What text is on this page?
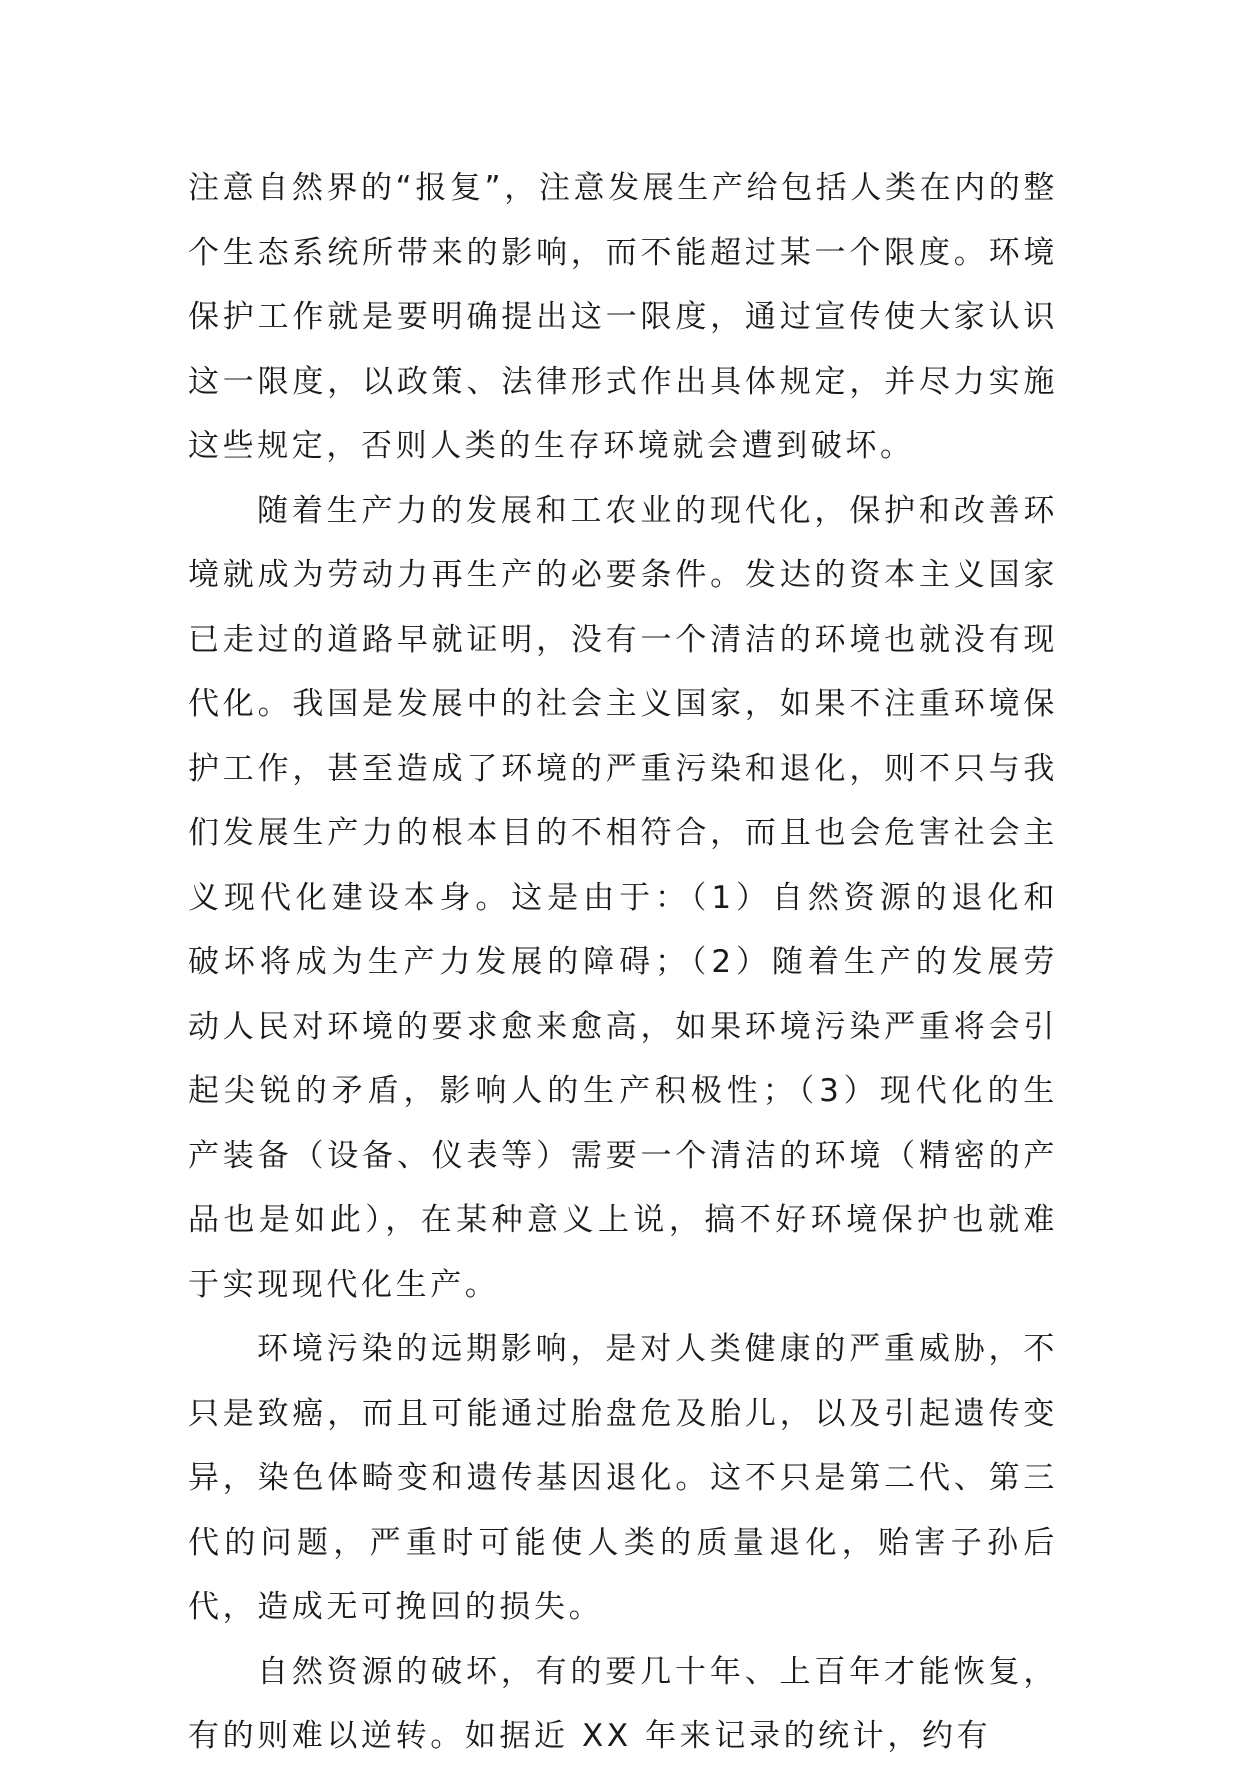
注意自然界的“报复”，注意发展生产给包括人类在内的整个生态系统所带来的影响，而不能超过某一个限度。环境保护工作就是要明确提出这一限度，通过宣传使大家认识这一限度，以政策、法律形式作出具体规定，并尽力实施这些规定，否则人类的生存环境就会遭到破坏。

随着生产力的发展和工农业的现代化，保护和改善环境就成为劳动力再生产的必要条件。发达的资本主义国家已走过的道路早就证明，没有一个清洁的环境也就没有现代化。我国是发展中的社会主义国家，如果不注重环境保护工作，甚至造成了环境的严重污染和退化，则不只与我们发展生产力的根本目的不相符合，而且也会危害社会主义现代化建设本身。这是由于：（1）自然资源的退化和破坏将成为生产力发展的障碍；（2）随着生产的发展劳动人民对环境的要求愈来愈高，如果环境污染严重将会引起尖锐的矛盾，影响人的生产积极性；（3）现代化的生产装备（设备、仪表等）需要一个清洁的环境（精密的产品也是如此），在某种意义上说，搞不好环境保护也就难于实现现代化生产。

环境污染的远期影响，是对人类健康的严重威胁，不只是致癌，而且可能通过胎盘危及胎儿，以及引起遗传变异，染色体畸变和遗传基因退化。这不只是第二代、第三代的问题，严重时可能使人类的质量退化，贻害子孙后代，造成无可挽回的损失。

自然资源的破坏，有的要几十年、上百年才能恢复，有的则难以逆转。如据近 XX 年来记录的统计，约有
